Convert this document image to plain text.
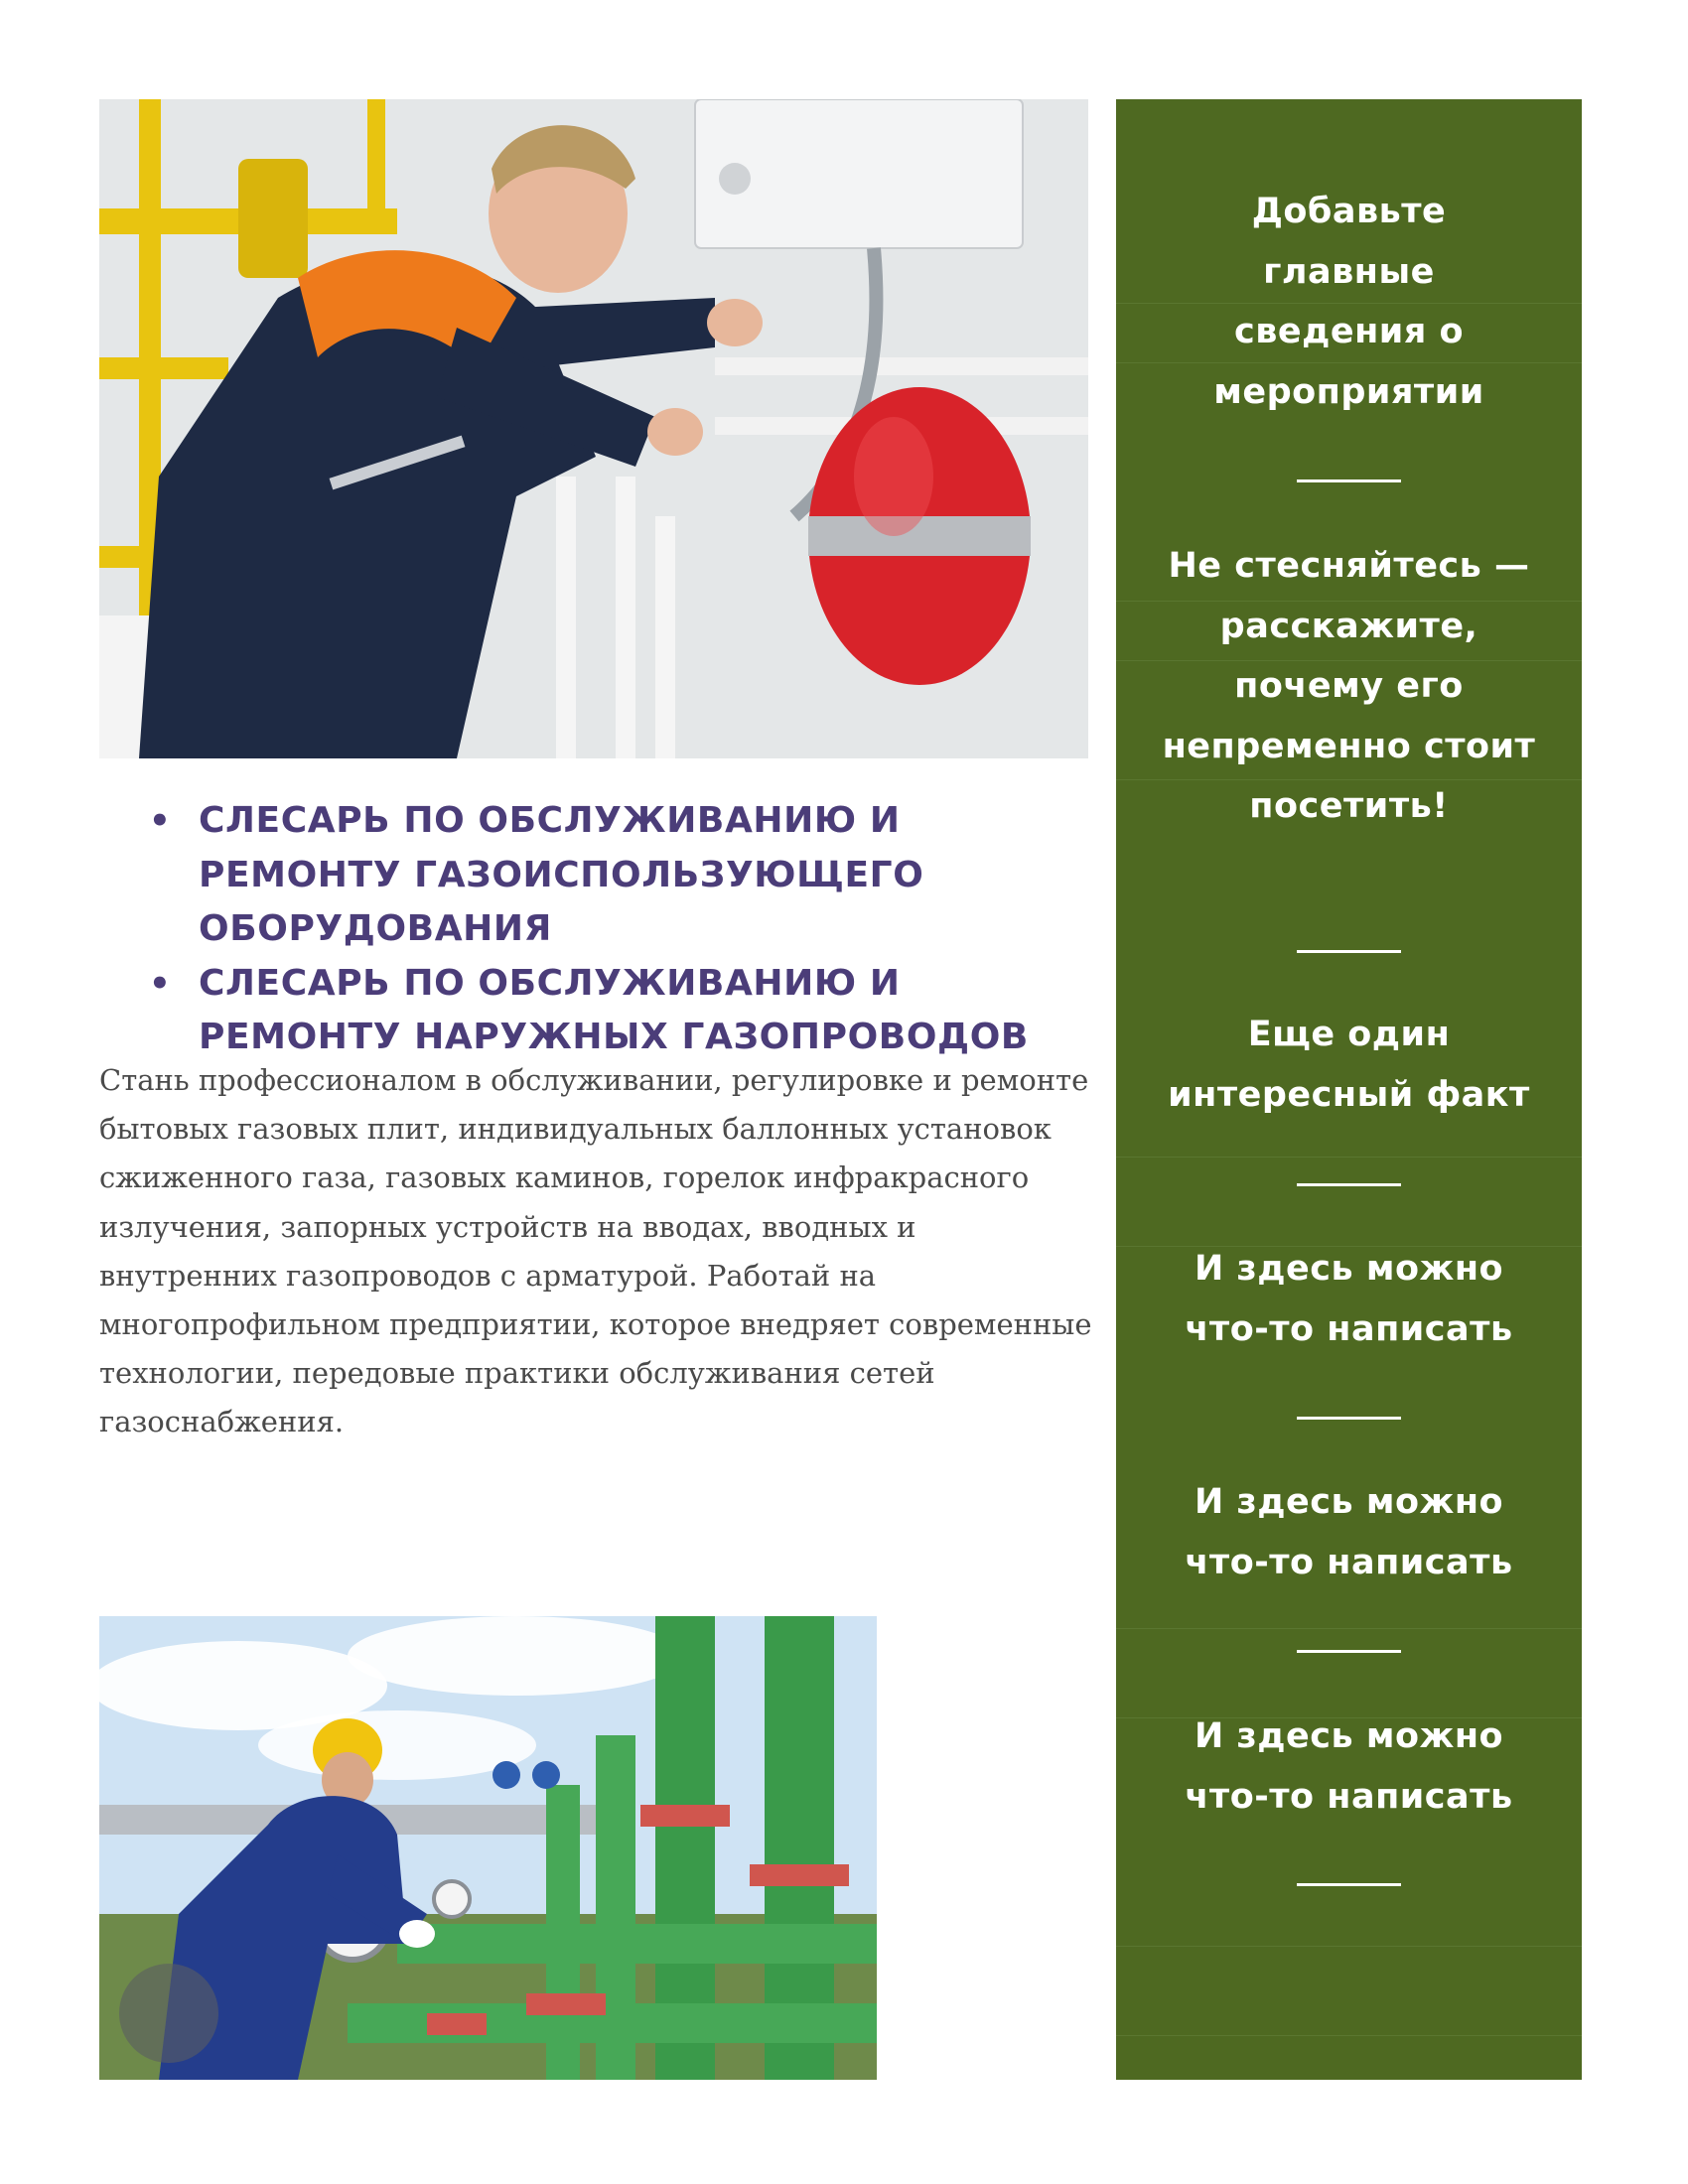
• СЛЕСАРЬ ПО ОБСЛУЖИВАНИЮ И РЕМОНТУ ГАЗОИСПОЛЬЗУЮЩЕГО ОБОРУДОВАНИЯ
• СЛЕСАРЬ ПО ОБСЛУЖИВАНИЮ И РЕМОНТУ НАРУЖНЫХ ГАЗОПРОВОДОВ

Стань профессионалом в обслуживании, регулировке и ремонте бытовых газовых плит, индивидуальных баллонных установок сжиженного газа, газовых каминов, горелок инфракрасного излучения, запорных устройств на вводах, вводных и внутренних газопроводов с арматурой. Работай на многопрофильном предприятии, которое внедряет современные технологии, передовые практики обслуживания сетей газоснабжения.

Добавьте главные сведения о мероприятии
Не стесняйтесь — расскажите, почему его непременно стоит посетить!
Еще один интересный факт
И здесь можно что-то написать
И здесь можно что-то написать
И здесь можно что-то написать
